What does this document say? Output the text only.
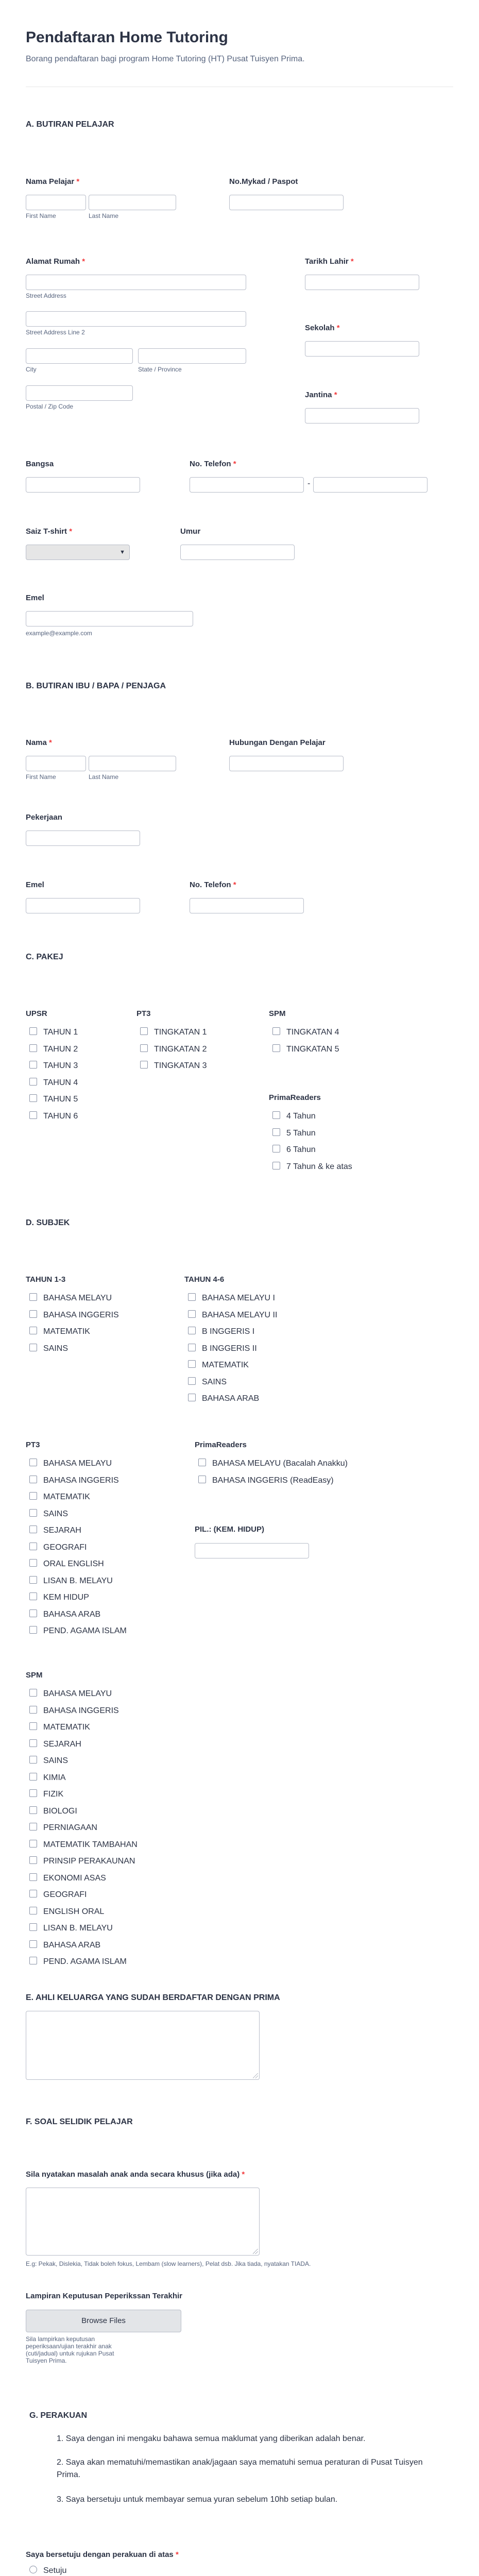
Pendaftaran Home Tutoring
Borang pendaftaran bagi program Home Tutoring (HT) Pusat Tuisyen Prima.
A. BUTIRAN PELAJAR
Nama Pelajar *
First Name	Last Name
No.Mykad / Paspot
Alamat Rumah *
Street Address
Street Address Line 2
City	State / Province
Postal / Zip Code
Tarikh Lahir *
Sekolah *
Jantina *
Bangsa	No. Telefon *
-
Saiz T-shirt *
▼
Umur
Emel
example@example.com
B. BUTIRAN IBU / BAPA / PENJAGA
Nama *
First Name	Last Name
Hubungan Dengan Pelajar
Pekerjaan
Emel	No. Telefon *
C. PAKEJ
UPSR	PT3	SPM
PrimaReaders
TAHUN 1
TAHUN 2
TAHUN 3
TAHUN 4
TAHUN 5
TAHUN 6
TINGKATAN 1
TINGKATAN 2
TINGKATAN 3
TINGKATAN 4
TINGKATAN 5
4 Tahun
5 Tahun
6 Tahun
7 Tahun & ke atas
D. SUBJEK
TAHUN 1-3	TAHUN 4-6
BAHASA MELAYU
BAHASA INGGERIS
MATEMATIK
SAINS
BAHASA MELAYU I
BAHASA MELAYU II
B INGGERIS I
B INGGERIS II
MATEMATIK
SAINS
BAHASA ARAB
PT3
BAHASA MELAYU
BAHASA INGGERIS
MATEMATIK
SAINS
SEJARAH
GEOGRAFI
ORAL ENGLISH
LISAN B. MELAYU
KEM HIDUP
BAHASA ARAB
PEND. AGAMA ISLAM
PrimaReaders
BAHASA MELAYU (Bacalah Anakku)
BAHASA INGGERIS (ReadEasy)
PIL.: (KEM. HIDUP)
SPM
BAHASA MELAYU
BAHASA INGGERIS
MATEMATIK
SEJARAH
SAINS
KIMIA
FIZIK
BIOLOGI
PERNIAGAAN
MATEMATIK TAMBAHAN
PRINSIP PERAKAUNAN
EKONOMI ASAS
GEOGRAFI
ENGLISH ORAL
LISAN B. MELAYU
BAHASA ARAB
PEND. AGAMA ISLAM
E. AHLI KELUARGA YANG SUDAH BERDAFTAR DENGAN PRIMA
F. SOAL SELIDIK PELAJAR
Sila nyatakan masalah anak anda secara khusus (jika ada) *
E.g: Pekak, Dislekia, Tidak boleh fokus, Lembam (slow learners), Pelat dsb. Jika tiada, nyatakan TIADA.
Lampiran Keputusan Peperikssan Terakhir
Browse Files
Sila lampirkan keputusan peperiksaan/ujian terakhir anak (cuti/jadual) untuk rujukan Pusat Tuisyen Prima.
G. PERAKUAN
1. Saya dengan ini mengaku bahawa semua maklumat yang diberikan adalah benar.
2. Saya akan mematuhi/memastikan anak/jagaan saya mematuhi semua peraturan di Pusat Tuisyen Prima.
3. Saya bersetuju untuk membayar semua yuran sebelum 10hb setiap bulan.
Saya bersetuju dengan perakuan di atas *
Setuju
